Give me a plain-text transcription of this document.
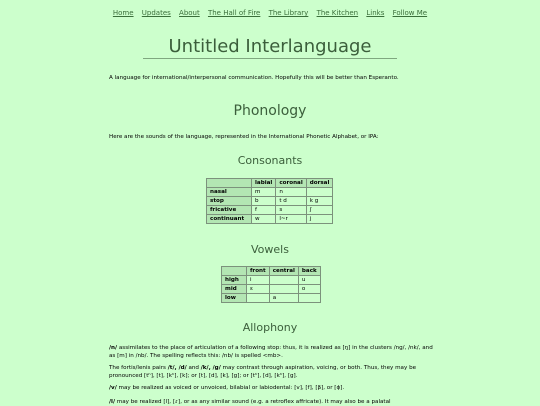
Home Updates About The Hall of Fire The Library The Kitchen Links Follow Me
Untitled Interlanguage
A language for international/interpersonal communication. Hopefully this will be better than Esperanto.
Phonology
Here are the sounds of the language, represented in the International Phonetic Alphabet, or IPA:
Consonants
	labial	coronal	dorsal
nasal	m	n	
stop	b	t d	k g
fricative	f	s	ʃ
continuant	w	l~r	j
Vowels
	front	central	back
high	i		u
mid	ɛ		o
low		a	
Allophony
/n/ assimilates to the place of articulation of a following stop: thus, it is realized as [ŋ] in the clusters /ng/, /nk/, and as [m] in /nb/. The spelling reflects this: /nb/ is spelled <mb>.
The fortis/lenis pairs /t/, /d/ and /k/, /g/ may contrast through aspiration, voicing, or both. Thus, they may be pronounced [tʰ], [t], [kʰ], [k]; or [t], [d], [k], [g]; or [tʰ], [d], [kʰ], [g].
/v/ may be realized as voiced or unvoiced, bilabial or labiodental: [v], [f], [β], or [ɸ].
/l/ may be realized [l], [ɾ], or as any similar sound (e.g. a retroflex affricate). It may also be a palatal
